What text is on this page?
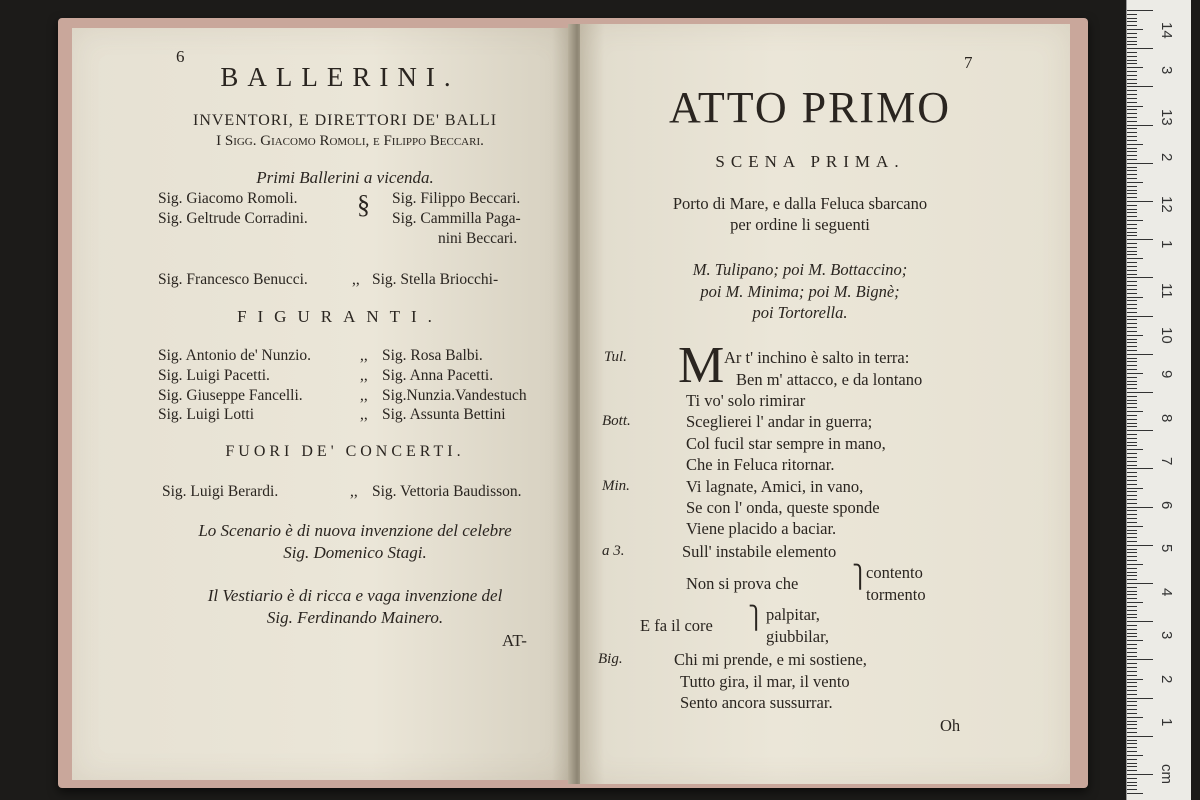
6
BALLERINI.
INVENTORI, E DIRETTORI DE' BALLI
I Sigg. Giacomo Romoli, e Filippo Beccari.
Primi Ballerini a vicenda.
Sig. Giacomo Romoli.	Sig. Filippo Beccari.
Sig. Geltrude Corradini.	Sig. Cammilla Paga-
nini Beccari.
§
Sig. Francesco Benucci.	,, Sig. Stella Briocchi-
FIGURANTI.
Sig. Antonio de' Nunzio.	,, Sig. Rosa Balbi.
Sig. Luigi Pacetti.	,, Sig. Anna Pacetti.
Sig. Giuseppe Fancelli.	,, Sig.Nunzia.Vandestuch
Sig. Luigi Lotti	,, Sig. Assunta Bettini
FUORI DE' CONCERTI.
Sig. Luigi Berardi.	,, Sig. Vettoria Baudisson.
Lo Scenario è di nuova invenzione del celebre
Sig. Domenico Stagi.
Il Vestiario è di ricca e vaga invenzione del
Sig. Ferdinando Mainero.
AT-
7
ATTO PRIMO
SCENA PRIMA.
Porto di Mare, e dalla Feluca sbarcano
per ordine li seguenti
M. Tulipano; poi M. Bottaccino;
poi M. Minima; poi M. Bignè;
poi Tortorella.
Tul. M Ar t' inchino è salto in terra:
Ben m' attacco, e da lontano
Ti vo' solo rimirar
Bott.	Sceglierei l' andar in guerra;
Col fucil star sempre in mano,
Che in Feluca ritornar.
Min.	Vi lagnate, Amici, in vano,
Se con l' onda, queste sponde
Viene placido a baciar.
a 3.	Sull' instabile elemento
Non si prova che ⎫
contento
tormento
E fa il core ⎫ palpitar,
giubbilar,
Big.	Chi mi prende, e mi sostiene,
Tutto gira, il mar, il vento
Sento ancora sussurrar.
Oh
14
3
13
2
12
1
11
10
9
8
7
6
5
4
3
2
1
cm
